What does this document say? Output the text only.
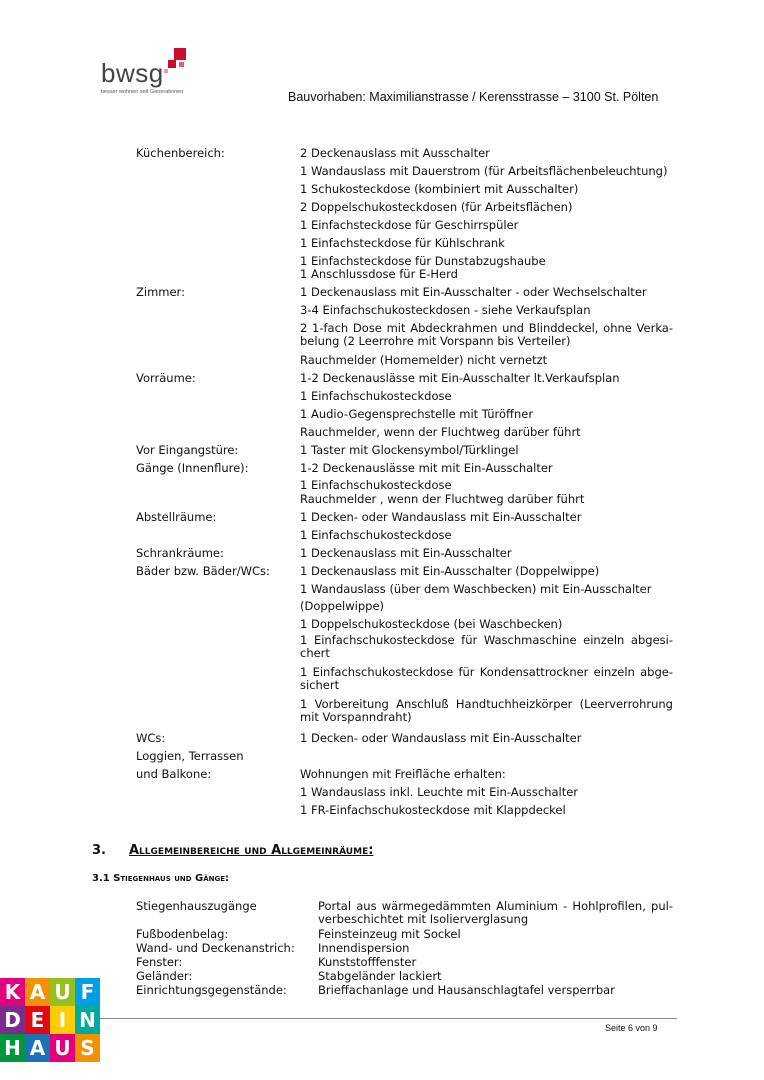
bwsg
besser wohnen seit Generationen	Bauvorhaben: Maximilianstrasse / Kerensstrasse – 3100 St. Pölten
Küchenbereich:	2 Deckenauslass mit Ausschalter
1 Wandauslass mit Dauerstrom (für Arbeitsflächenbeleuchtung)
1 Schukosteckdose (kombiniert mit Ausschalter)
2 Doppelschukosteckdosen (für Arbeitsflächen)
1 Einfachsteckdose für Geschirrspüler
1 Einfachsteckdose für Kühlschrank
1 Einfachsteckdose für Dunstabzugshaube
1 Anschlussdose für E-Herd
Zimmer:	1 Deckenauslass mit Ein-Ausschalter - oder Wechselschalter
3-4 Einfachschukosteckdosen - siehe Verkaufsplan
2 1-fach Dose mit Abdeckrahmen und Blinddeckel, ohne Verka-belung (2 Leerrohre mit Vorspann bis Verteiler)
Rauchmelder (Homemelder) nicht vernetzt
Vorräume:	1-2 Deckenauslässe mit Ein-Ausschalter lt.Verkaufsplan
1 Einfachschukosteckdose
1 Audio-Gegensprechstelle mit Türöffner
Rauchmelder, wenn der Fluchtweg darüber führt
Vor Eingangstüre:	1 Taster mit Glockensymbol/Türklingel
Gänge (Innenflure):	1-2 Deckenauslässe mit mit Ein-Ausschalter
1 Einfachschukosteckdose
Rauchmelder , wenn der Fluchtweg darüber führt
Abstellräume:	1 Decken- oder Wandauslass mit Ein-Ausschalter
1 Einfachschukosteckdose
Schrankräume:	1 Deckenauslass mit Ein-Ausschalter
Bäder bzw. Bäder/WCs:	1 Deckenauslass mit Ein-Ausschalter (Doppelwippe)
1 Wandauslass (über dem Waschbecken) mit Ein-Ausschalter
(Doppelwippe)
1 Doppelschukosteckdose (bei Waschbecken)
1 Einfachschukosteckdose für Waschmaschine einzeln abgesi-chert
1 Einfachschukosteckdose für Kondensattrockner einzeln abge-sichert
1 Vorbereitung Anschluß Handtuchheizkörper (Leerverrohrung mit Vorspanndraht)
WCs:	1 Decken- oder Wandauslass mit Ein-Ausschalter
Loggien, Terrassen
und Balkone:	Wohnungen mit Freifläche erhalten:
1 Wandauslass inkl. Leuchte mit Ein-Ausschalter
1 FR-Einfachschukosteckdose mit Klappdeckel
3. Allgemeinbereiche und Allgemeinräume:
3.1 Stiegenhaus und Gänge:
Stiegenhauszugänge	Portal aus wärmegedämmten Aluminium - Hohlprofilen, pul-verbeschichtet mit Isolierverglasung
Fußbodenbelag:	Feinsteinzeug mit Sockel
Wand- und Deckenanstrich: Innendispersion
Fenster:	Kunststofffenster
Geländer:	Stabgeländer lackiert
Einrichtungsgegenstände:	Brieffachanlage und Hausanschlagtafel versperrbar
Seite 6 von 9
K A U F
D E I N
H A U S
